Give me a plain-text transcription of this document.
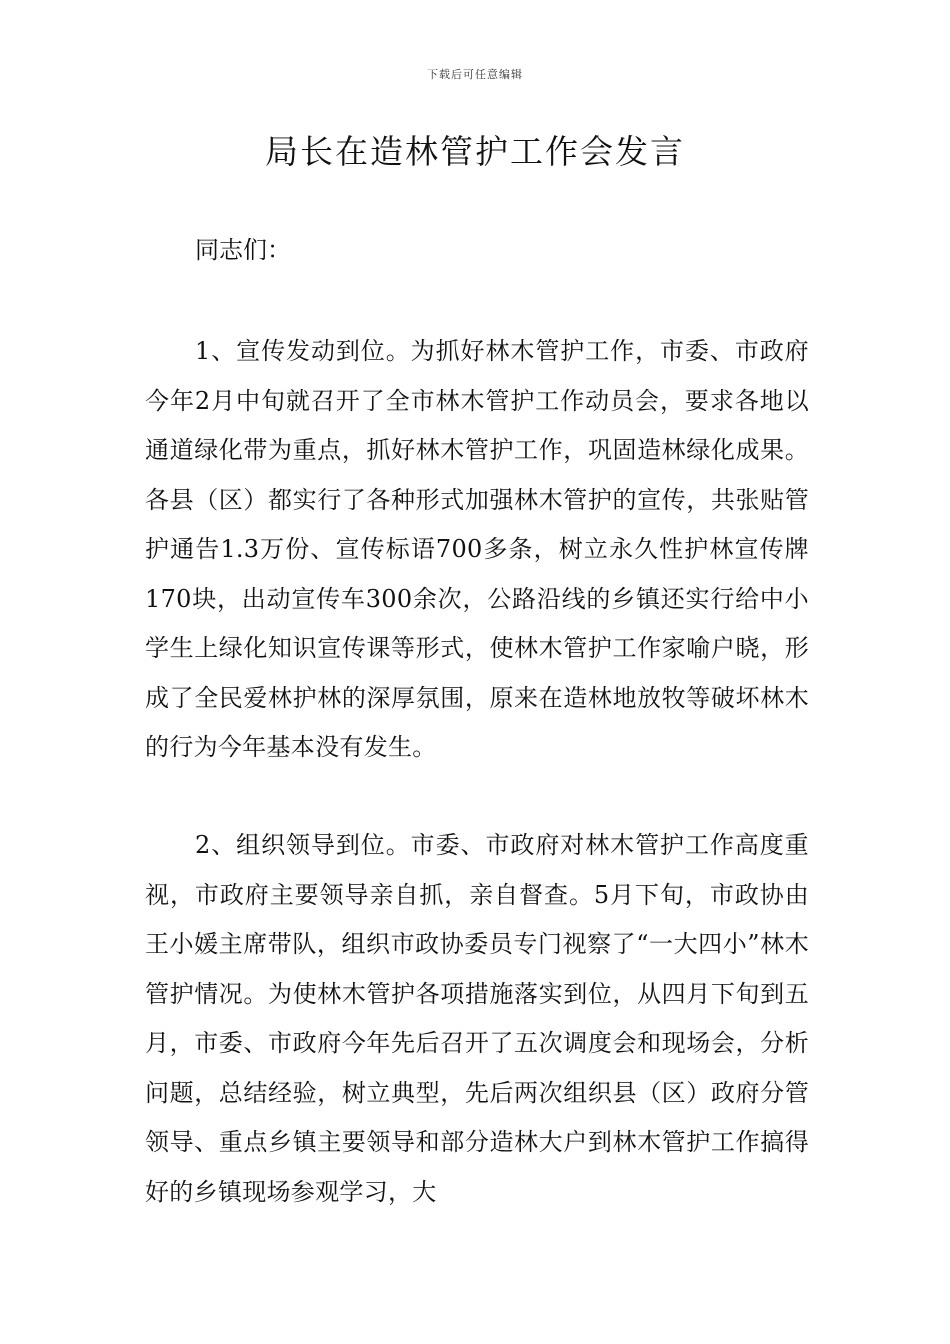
下载后可任意编辑
局长在造林管护工作会发言
同志们：

1、宣传发动到位。为抓好林木管护工作，市委、市政府今年2月中旬就召开了全市林木管护工作动员会，要求各地以通道绿化带为重点，抓好林木管护工作，巩固造林绿化成果。各县（区）都实行了各种形式加强林木管护的宣传，共张贴管护通告1.3万份、宣传标语700多条，树立永久性护林宣传牌170块，出动宣传车300余次，公路沿线的乡镇还实行给中小学生上绿化知识宣传课等形式，使林木管护工作家喻户晓，形成了全民爱林护林的深厚氛围，原来在造林地放牧等破坏林木的行为今年基本没有发生。

2、组织领导到位。市委、市政府对林木管护工作高度重视，市政府主要领导亲自抓，亲自督查。5月下旬，市政协由王小媛主席带队，组织市政协委员专门视察了“一大四小”林木管护情况。为使林木管护各项措施落实到位，从四月下旬到五月，市委、市政府今年先后召开了五次调度会和现场会，分析问题，总结经验，树立典型，先后两次组织县（区）政府分管领导、重点乡镇主要领导和部分造林大户到林木管护工作搞得好的乡镇现场参观学习，大
